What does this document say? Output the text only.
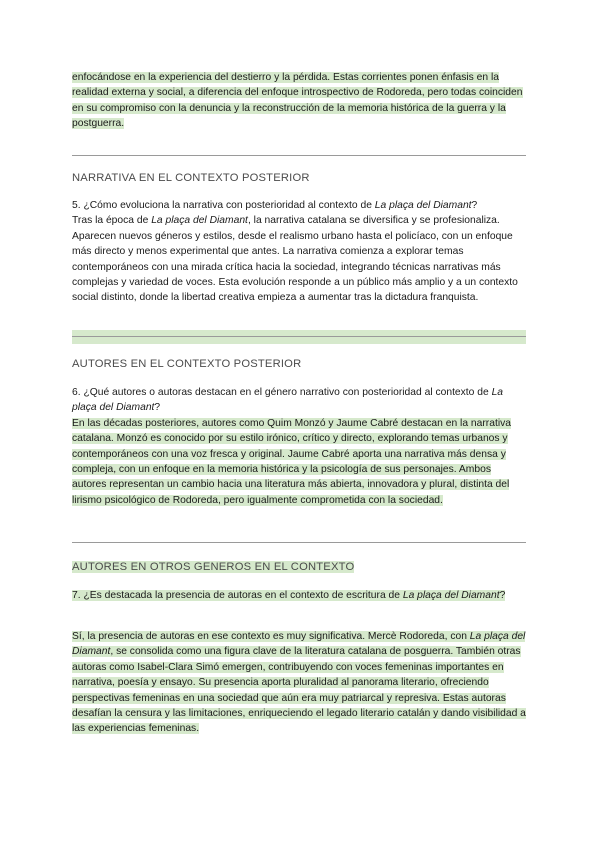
enfocándose en la experiencia del destierro y la pérdida. Estas corrientes ponen énfasis en la realidad externa y social, a diferencia del enfoque introspectivo de Rodoreda, pero todas coinciden en su compromiso con la denuncia y la reconstrucción de la memoria histórica de la guerra y la postguerra.

NARRATIVA EN EL CONTEXTO POSTERIOR

5. ¿Cómo evoluciona la narrativa con posterioridad al contexto de La plaça del Diamant?
Tras la época de La plaça del Diamant, la narrativa catalana se diversifica y se profesionaliza. Aparecen nuevos géneros y estilos, desde el realismo urbano hasta el policíaco, con un enfoque más directo y menos experimental que antes. La narrativa comienza a explorar temas contemporáneos con una mirada crítica hacia la sociedad, integrando técnicas narrativas más complejas y variedad de voces. Esta evolución responde a un público más amplio y a un contexto social distinto, donde la libertad creativa empieza a aumentar tras la dictadura franquista.

AUTORES EN EL CONTEXTO POSTERIOR

6. ¿Qué autores o autoras destacan en el género narrativo con posterioridad al contexto de La plaça del Diamant?
En las décadas posteriores, autores como Quim Monzó y Jaume Cabré destacan en la narrativa catalana. Monzó es conocido por su estilo irónico, crítico y directo, explorando temas urbanos y contemporáneos con una voz fresca y original. Jaume Cabré aporta una narrativa más densa y compleja, con un enfoque en la memoria histórica y la psicología de sus personajes. Ambos autores representan un cambio hacia una literatura más abierta, innovadora y plural, distinta del lirismo psicológico de Rodoreda, pero igualmente comprometida con la sociedad.

AUTORES EN OTROS GENEROS EN EL CONTEXTO

7. ¿Es destacada la presencia de autoras en el contexto de escritura de La plaça del Diamant?

Sí, la presencia de autoras en ese contexto es muy significativa. Mercè Rodoreda, con La plaça del Diamant, se consolida como una figura clave de la literatura catalana de posguerra. También otras autoras como Isabel-Clara Simó emergen, contribuyendo con voces femeninas importantes en narrativa, poesía y ensayo. Su presencia aporta pluralidad al panorama literario, ofreciendo perspectivas femeninas en una sociedad que aún era muy patriarcal y represiva. Estas autoras desafían la censura y las limitaciones, enriqueciendo el legado literario catalán y dando visibilidad a las experiencias femeninas.
